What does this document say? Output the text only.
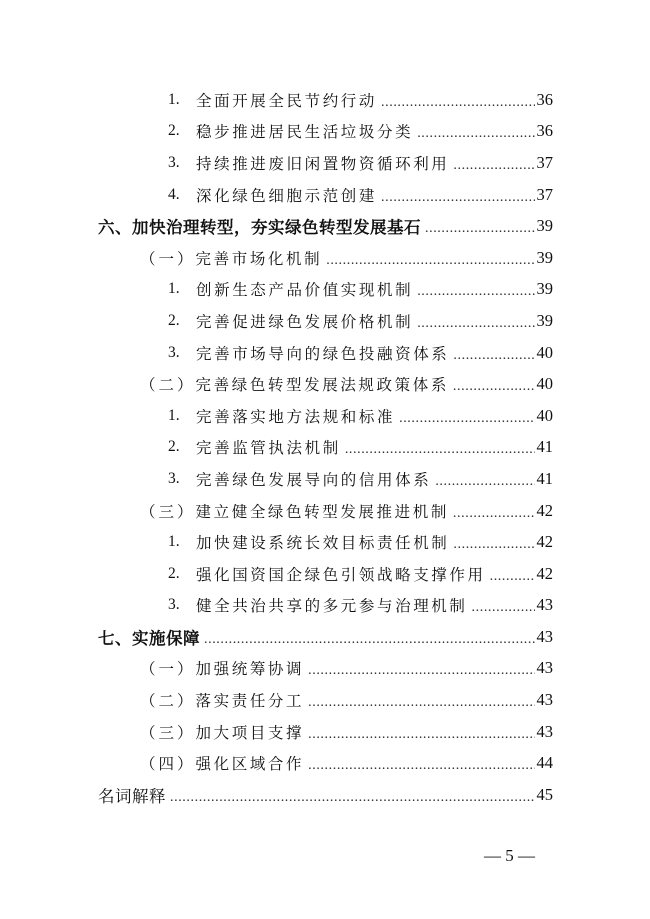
1.	全面开展全民节约行动 .....	36
2.	稳步推进居民生活垃圾分类 .....	36
3.	持续推进废旧闲置物资循环利用 .....	37
4.	深化绿色细胞示范创建 .....	37
六、加快治理转型，夯实绿色转型发展基石 .....	39
（一） 完善市场化机制 .....	39
1.	创新生态产品价值实现机制 .....	39
2.	完善促进绿色发展价格机制 .....	39
3.	完善市场导向的绿色投融资体系 .....	40
（二） 完善绿色转型发展法规政策体系 .....	40
1.	完善落实地方法规和标准 .....	40
2.	完善监管执法机制 .....	41
3.	完善绿色发展导向的信用体系 .....	41
（三） 建立健全绿色转型发展推进机制 .....	42
1.	加快建设系统长效目标责任机制 .....	42
2.	强化国资国企绿色引领战略支撑作用 .....	42
3.	健全共治共享的多元参与治理机制 .....	43
七、实施保障 .....	43
（一） 加强统筹协调 .....	43
（二） 落实责任分工 .....	43
（三） 加大项目支撑 .....	43
（四） 强化区域合作 .....	44
名词解释 .....	45
— 5 —
